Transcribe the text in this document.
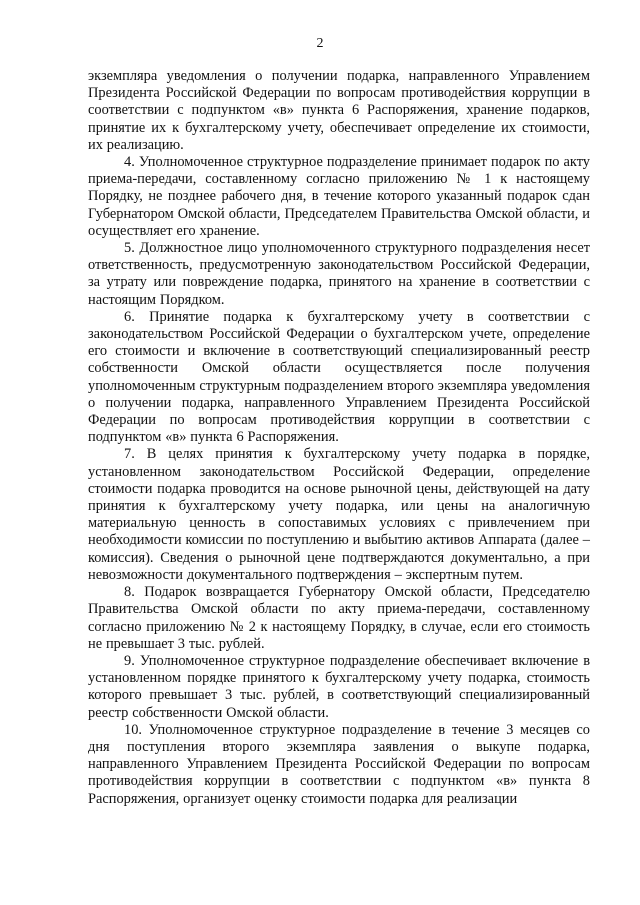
2

экземпляра уведомления о получении подарка, направленного Управлением Президента Российской Федерации по вопросам противодействия коррупции в соответствии с подпунктом «в» пункта 6 Распоряжения, хранение подарков, принятие их к бухгалтерскому учету, обеспечивает определение их стоимости, их реализацию.

4. Уполномоченное структурное подразделение принимает подарок по акту приема-передачи, составленному согласно приложению № 1 к настоящему Порядку, не позднее рабочего дня, в течение которого указанный подарок сдан Губернатором Омской области, Председателем Правительства Омской области, и осуществляет его хранение.

5. Должностное лицо уполномоченного структурного подразделения несет ответственность, предусмотренную законодательством Российской Федерации, за утрату или повреждение подарка, принятого на хранение в соответствии с настоящим Порядком.

6. Принятие подарка к бухгалтерскому учету в соответствии с законодательством Российской Федерации о бухгалтерском учете, определение его стоимости и включение в соответствующий специализированный реестр собственности Омской области осуществляется после получения уполномоченным структурным подразделением второго экземпляра уведомления о получении подарка, направленного Управлением Президента Российской Федерации по вопросам противодействия коррупции в соответствии с подпунктом «в» пункта 6 Распоряжения.

7. В целях принятия к бухгалтерскому учету подарка в порядке, установленном законодательством Российской Федерации, определение стоимости подарка проводится на основе рыночной цены, действующей на дату принятия к бухгалтерскому учету подарка, или цены на аналогичную материальную ценность в сопоставимых условиях с привлечением при необходимости комиссии по поступлению и выбытию активов Аппарата (далее – комиссия). Сведения о рыночной цене подтверждаются документально, а при невозможности документального подтверждения – экспертным путем.

8. Подарок возвращается Губернатору Омской области, Председателю Правительства Омской области по акту приема-передачи, составленному согласно приложению № 2 к настоящему Порядку, в случае, если его стоимость не превышает 3 тыс. рублей.

9. Уполномоченное структурное подразделение обеспечивает включение в установленном порядке принятого к бухгалтерскому учету подарка, стоимость которого превышает 3 тыс. рублей, в соответствующий специализированный реестр собственности Омской области.

10. Уполномоченное структурное подразделение в течение 3 месяцев со дня поступления второго экземпляра заявления о выкупе подарка, направленного Управлением Президента Российской Федерации по вопросам противодействия коррупции в соответствии с подпунктом «в» пункта 8 Распоряжения, организует оценку стоимости подарка для реализации
